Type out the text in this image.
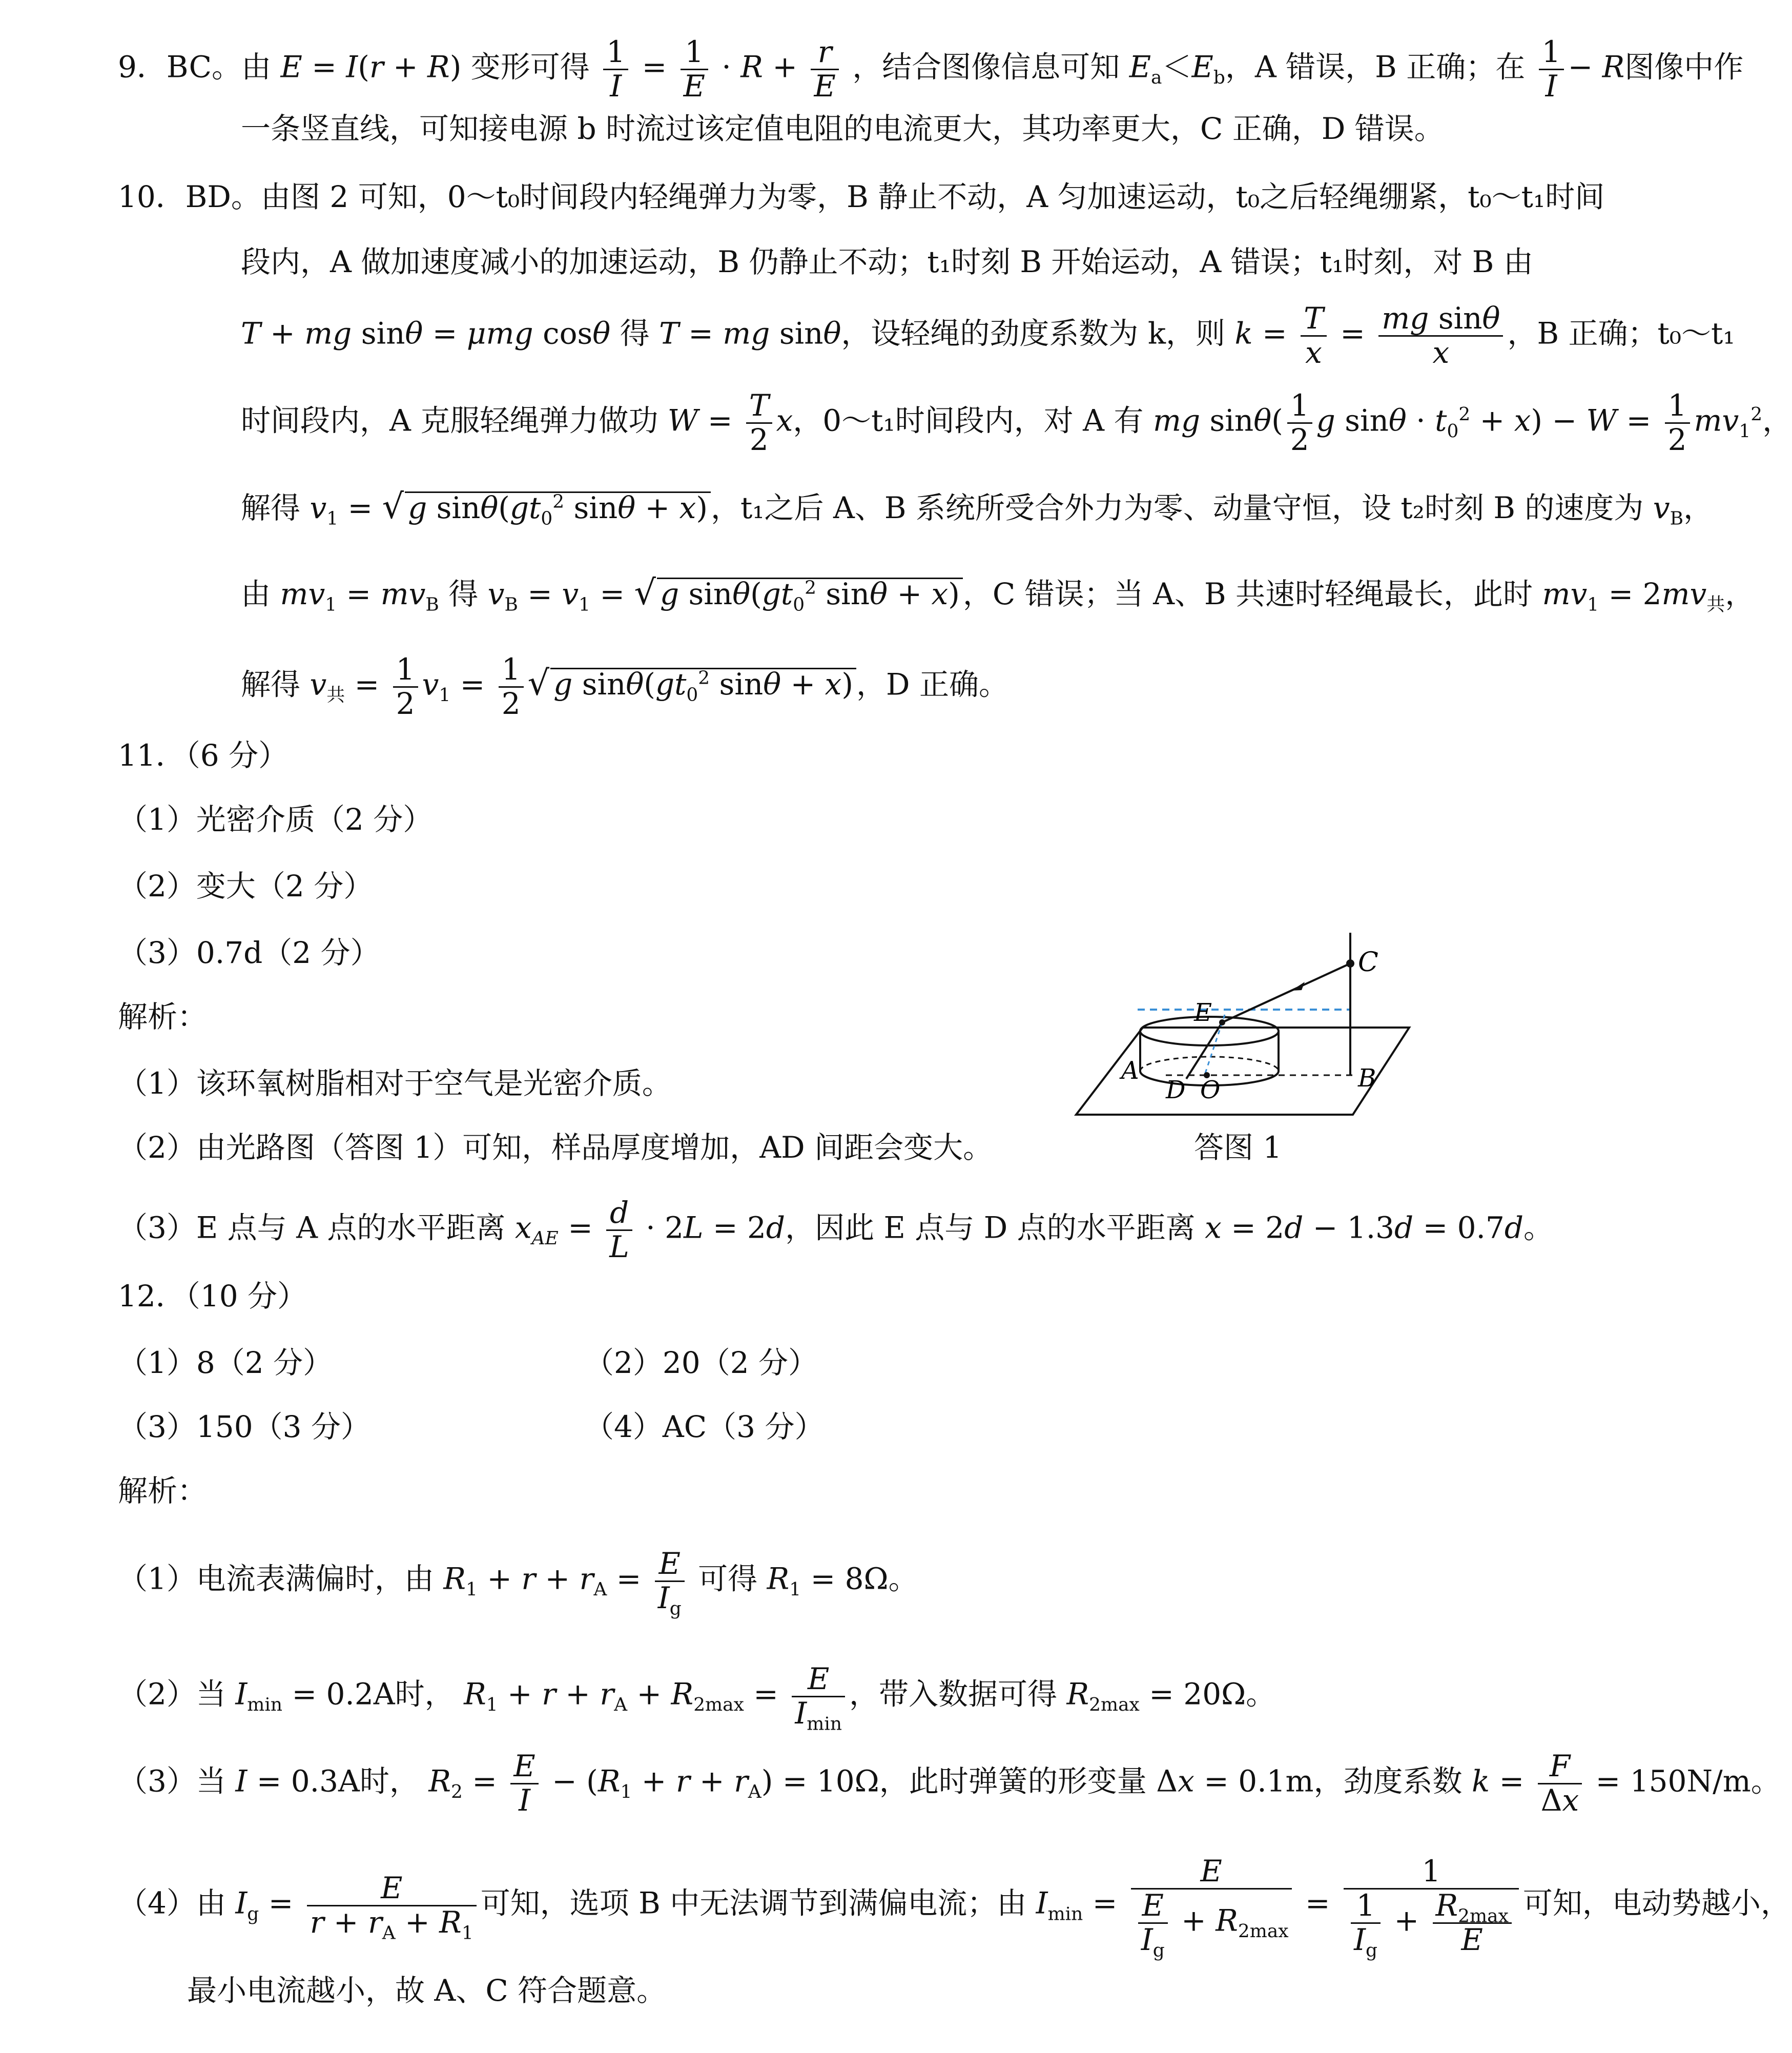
9．BC。由 E = I(r + R) 变形可得 $\frac{1}{I} = \frac{1}{E} \cdot R + \frac{r}{E}$ ，结合图像信息可知 $E_a<E_b$，A 错误，B 正确；在 $\frac{1}{I} - R$图像中作
一条竖直线，可知接电源 b 时流过该定值电阻的电流更大，其功率更大，C 正确，D 错误。
10．BD。由图 2 可知，0～t₀时间段内轻绳弹力为零，B 静止不动，A 匀加速运动，t₀之后轻绳绷紧，t₀～t₁时间
段内，A 做加速度减小的加速运动，B 仍静止不动；t₁时刻 B 开始运动，A 错误；t₁时刻，对 B 由
T + mg sinθ = μmg cosθ 得 T = mg sinθ，设轻绳的劲度系数为 k，则 $k = \frac{T}{x} = \frac{\text{mg sinθ}}{x}$ ，B 正确；t₀～t₁
时间段内，A 克服轻绳弹力做功 $W = \frac{T}{2}$ x，0～t₁时间段内，对 A 有 mg $\sin\theta( \frac{1}{2}$ g $\sin\theta \cdot t_0^2 + x) - W = \frac{1}{2} mv_1^2$，
解得 $v_1$ = √ g $\sin\theta(gt_0^2$ sinθ + x) ，t₁之后 A、B 系统所受合外力为零、动量守恒，设 t₂时刻 B 的速度为 $v_B$，
由 $mv_1 = mv_B$ 得 $v_B = v_1$ = √ g $\sin\theta(gt_0^2$ sinθ + x) ，C 错误；当 A、B 共速时轻绳最长，此时 $mv_1 = 2mv_共$，
解得 $v_共 = \frac{1}{2} v_1 = \frac{1}{2}$ √ g $\sin\theta(gt_0^2$ sinθ + x) ，D 正确。
11．（6 分）
（1）光密介质（2 分）
（2）变大（2 分）
（3）0.7d（2 分）
解析：
（1）该环氧树脂相对于空气是光密介质。
（2）由光路图（答图 1）可知，样品厚度增加，AD 间距会变大。
（3）E 点与 A 点的水平距离 $x_{AE} = \frac{d}{L} \cdot 2L = 2d$，因此 E 点与 D 点的水平距离 x = 2d − 1.3d = 0.7d。
C
E
A
D O	B
答图 1
12．（10 分）
（1）8（2 分）	（2）20（2 分）
（3）150（3 分）	（4）AC（3 分）
解析：
（1）电流表满偏时，由 $R_1 + r + r_A = \frac{E}{I_g}$ 可得 $R_1 = 8\Omega$。
（2）当 $I_{min} = 0.2A$时， $R_1 + r + r_A + R_{2max} = \frac{E}{I_{min}}$ ，带入数据可得 $R_{2max} = 20\Omega$。
（3）当 I = 0.3A时， $R_2 = \frac{E}{I} - (R_1 + r + r_A) = 10\Omega$，此时弹簧的形变量 Δx = 0.1m，劲度系数 $k = \frac{F}{\Delta x} = 150N/m$。
（4）由 $I_g = \frac{E}{r + r_A + R_1}$ 可知，选项 B 中无法调节到满偏电流；由 $I_{min} = \frac{E}{\frac{E}{I_g} + R_{2max}} = \frac{1}{\frac{1}{I_g} + \frac{R_{2max}}{E}}$ 可知，电动势越小，
最小电流越小，故 A、C 符合题意。
